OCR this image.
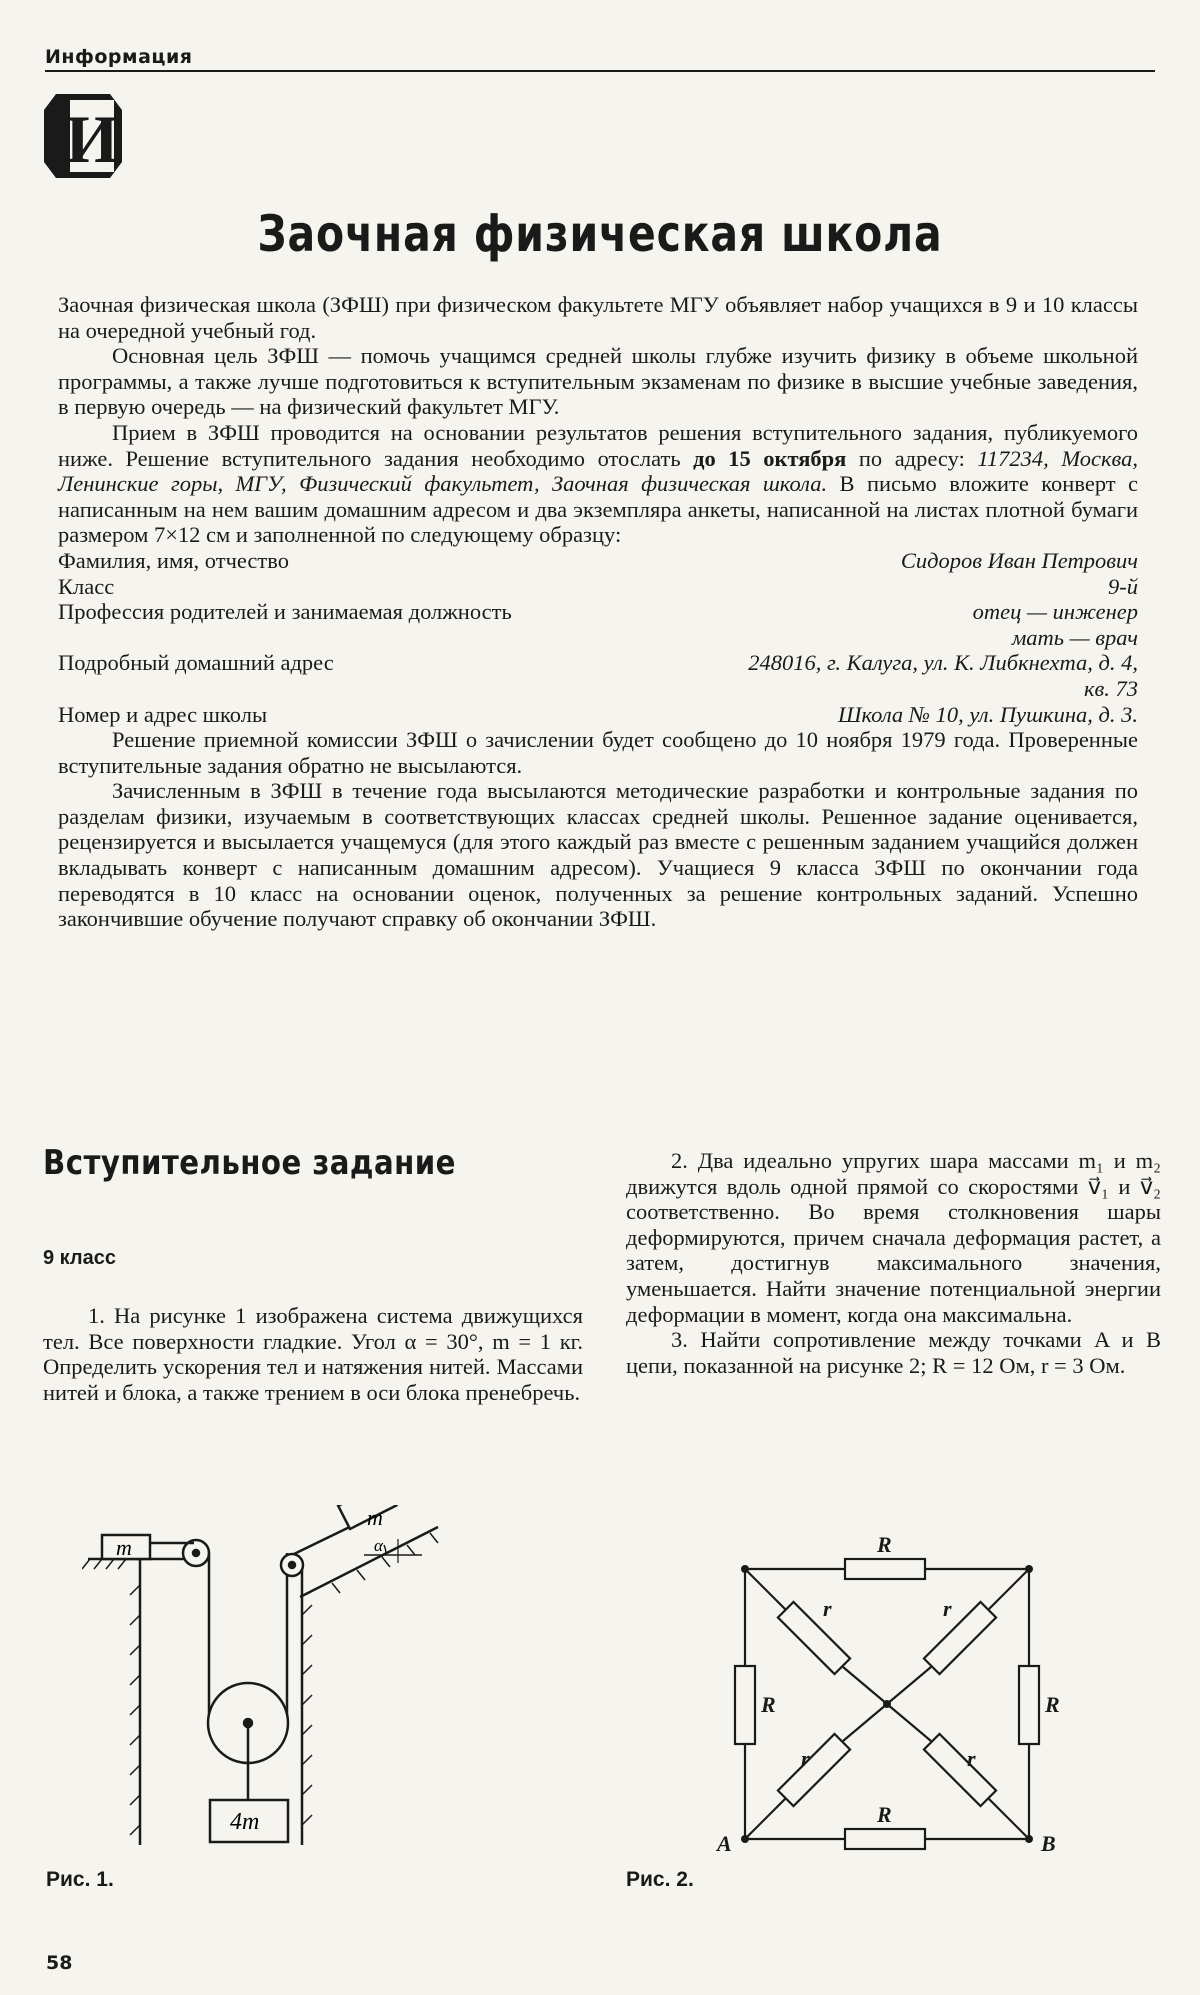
Информация
И
Заочная физическая школа

Заочная физическая школа (ЗФШ) при физическом факультете МГУ объявляет набор учащихся в 9 и 10 классы на очередной учебный год.

Основная цель ЗФШ — помочь учащимся средней школы глубже изучить физику в объеме школьной программы, а также лучше подготовиться к вступительным экзаменам по физике в высшие учебные заведения, в первую очередь — на физический факультет МГУ.

Прием в ЗФШ проводится на основании результатов решения вступительного задания, публикуемого ниже. Решение вступительного задания необходимо отослать до 15 октября по адресу: 117234, Москва, Ленинские горы, МГУ, Физический факультет, Заочная физическая школа. В письмо вложите конверт с написанным на нем вашим домашним адресом и два экземпляра анкеты, написанной на листах плотной бумаги размером 7×12 см и заполненной по следующему образцу:

Фамилия, имя, отчество	Сидоров Иван Петрович
Класс	9-й
Профессия родителей и занимаемая должность	отец — инженер
мать — врач

Подробный домашний адрес	248016, г. Калуга, ул. К. Либкнехта, д. 4,
кв. 73

Номер и адрес школы	Школа № 10, ул. Пушкина, д. 3.

Решение приемной комиссии ЗФШ о зачислении будет сообщено до 10 ноября 1979 года. Проверенные вступительные задания обратно не высылаются.

Зачисленным в ЗФШ в течение года высылаются методические разработки и контрольные задания по разделам физики, изучаемым в соответствующих классах средней школы. Решенное задание оценивается, рецензируется и высылается учащемуся (для этого каждый раз вместе с решенным заданием учащийся должен вкладывать конверт с написанным домашним адресом). Учащиеся 9 класса ЗФШ по окончании года переводятся в 10 класс на основании оценок, полученных за решение контрольных заданий. Успешно закончившие обучение получают справку об окончании ЗФШ.

Вступительное задание
9 класс

1. На рисунке 1 изображена система движущихся тел. Все поверхности гладкие. Угол α = 30°, m = 1 кг. Определить ускорения тел и натяжения нитей. Массами нитей и блока, а также трением в оси блока пренебречь.

2. Два идеально упругих шара массами m₁ и m₂ движутся вдоль одной прямой со скоростями v⃗₁ и v⃗₂ соответственно. Во время столкновения шары деформируются, причем сначала деформация растет, а затем, достигнув максимального значения, уменьшается. Найти значение потенциальной энергии деформации в момент, когда она максимальна.

3. Найти сопротивление между точками A и B цепи, показанной на рисунке 2; R = 12 Ом, r = 3 Ом.

m
m
4m
α	R
R
R	R
r	r
r	r
A	B
Рис. 1.	Рис. 2.
58
